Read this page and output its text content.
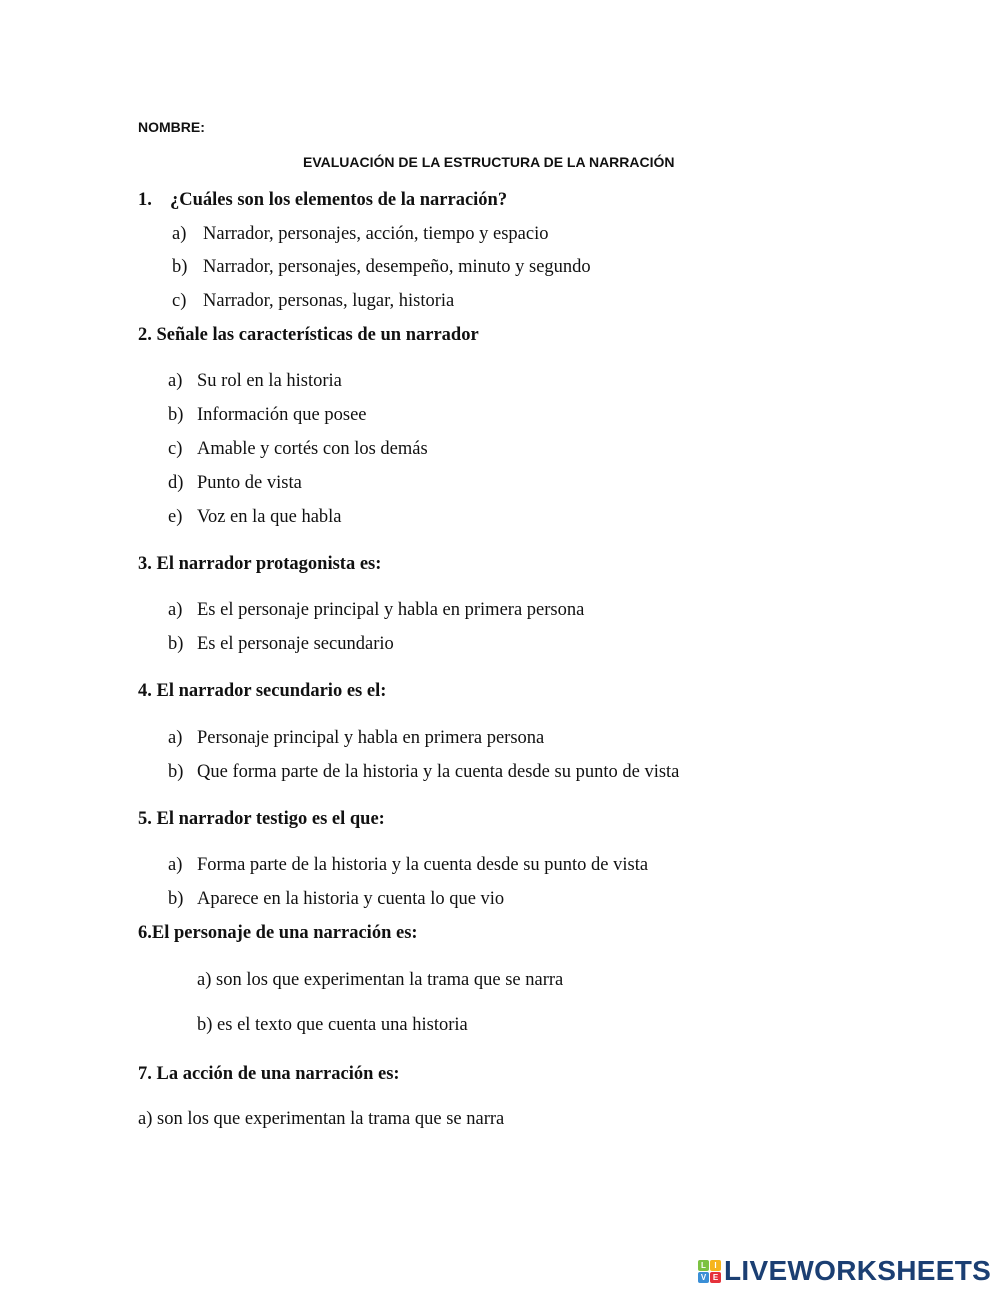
NOMBRE:
EVALUACIÓN DE LA ESTRUCTURA DE LA NARRACIÓN
1. ¿Cuáles son los elementos de la narración?
a) Narrador, personajes, acción, tiempo y espacio
b) Narrador, personajes, desempeño, minuto y segundo
c) Narrador, personas, lugar, historia
2. Señale las características de un narrador
a) Su rol en la historia
b) Información que posee
c) Amable y cortés con los demás
d) Punto de vista
e) Voz en la que habla
3. El narrador protagonista es:
a) Es el personaje principal y habla en primera persona
b) Es el personaje secundario
4. El narrador secundario es el:
a) Personaje principal y habla en primera persona
b) Que forma parte de la historia y la cuenta desde su punto de vista
5. El narrador testigo es el que:
a) Forma parte de la historia y la cuenta desde su punto de vista
b) Aparece en la historia y cuenta lo que vio
6.El personaje de una narración es:
a) son los que experimentan la trama que se narra
b) es el texto que cuenta una historia
7. La acción de una narración es:
a) son los que experimentan la trama que se narra
L	I
V E LIVEWORKSHEETS
